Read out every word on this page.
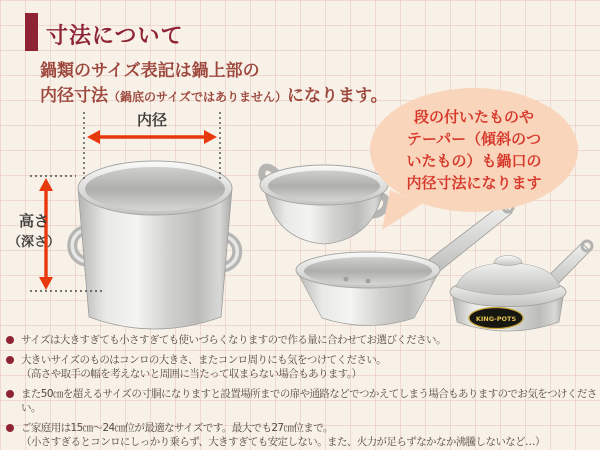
寸法について
鍋類のサイズ表記は鍋上部の
内径寸法（鍋底のサイズではありません）になります。
KING-POTS
内径
高さ
（深さ）
段の付いたものや
テーパー（傾斜のつ
いたもの）も鍋口の
内径寸法になります
サイズは大きすぎても小さすぎても使いづらくなりますので作る量に合わせてお選びください。
大きいサイズのものはコンロの大きさ、またコンロ周りにも気をつけてください。
（高さや取手の幅を考えないと周囲に当たって収まらない場合もあります。）
また50㎝を超えるサイズの寸胴になりますと設置場所までの扉や通路などでつかえてしまう場合もありますのでお気をつけください。
ご家庭用は15㎝～24㎝位が最適なサイズです。最大でも27㎝位まで。
（小さすぎるとコンロにしっかり乗らず、大きすぎても安定しない。また、火力が足らずなかなか沸騰しないなど…）
